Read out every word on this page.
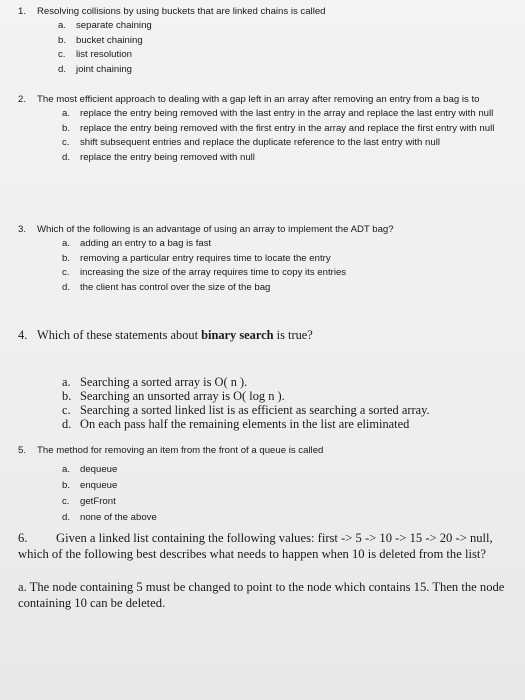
1.	Resolving collisions by using buckets that are linked chains is called
a.	separate chaining
b.	bucket chaining
c.	list resolution
d.	joint chaining
2.	The most efficient approach to dealing with a gap left in an array after removing an entry from a bag is to
a.	replace the entry being removed with the last entry in the array and replace the last entry with null
b.	replace the entry being removed with the first entry in the array and replace the first entry with null
c.	shift subsequent entries and replace the duplicate reference to the last entry with null
d.	replace the entry being removed with null
3.	Which of the following is an advantage of using an array to implement the ADT bag?
a.	adding an entry to a bag is fast
b.	removing a particular entry requires time to locate the entry
c.	increasing the size of the array requires time to copy its entries
d.	the client has control over the size of the bag
4. Which of these statements about binary search is true?
a. Searching a sorted array is O( n ).
b. Searching an unsorted array is O( log n ).
c. Searching a sorted linked list is as efficient as searching a sorted array.
d. On each pass half the remaining elements in the list are eliminated
5.	The method for removing an item from the front of a queue is called
a.	dequeue
b.	enqueue
c.	getFront
d.	none of the above
6. Given a linked list containing the following values: first -> 5 -> 10 -> 15 -> 20 -> null, which of the following best describes what needs to happen when 10 is deleted from the list?
a. The node containing 5 must be changed to point to the node which contains 15. Then the node containing 10 can be deleted.
